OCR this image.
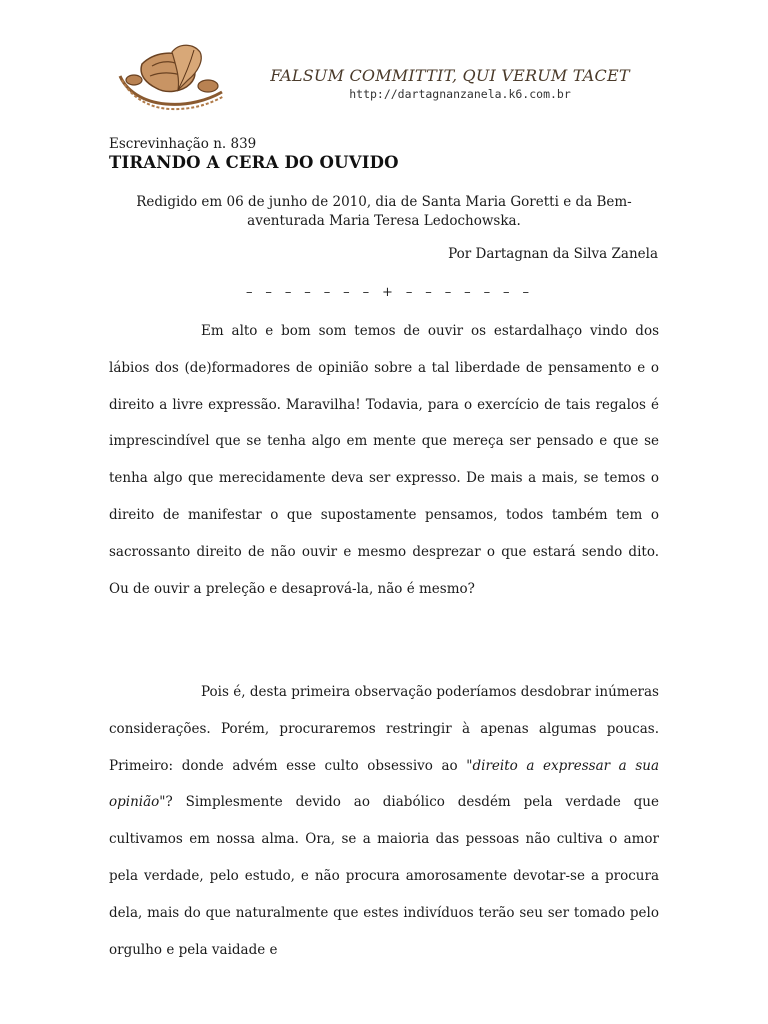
FALSUM COMMITTIT, QUI VERUM TACET
http://dartagnanzanela.k6.com.br
Escrevinhação n. 839
TIRANDO A CERA DO OUVIDO
Redigido em 06 de junho de 2010, dia de Santa Maria Goretti e da Bem-aventurada Maria Teresa Ledochowska.
Por Dartagnan da Silva Zanela
– – – – – – – + – – – – – – –
Em alto e bom som temos de ouvir os estardalhaço vindo dos lábios dos (de)formadores de opinião sobre a tal liberdade de pensamento e o direito a livre expressão. Maravilha! Todavia, para o exercício de tais regalos é imprescindível que se tenha algo em mente que mereça ser pensado e que se tenha algo que merecidamente deva ser expresso. De mais a mais, se temos o direito de manifestar o que supostamente pensamos, todos também tem o sacrossanto direito de não ouvir e mesmo desprezar o que estará sendo dito. Ou de ouvir a preleção e desaprová-la, não é mesmo?
Pois é, desta primeira observação poderíamos desdobrar inúmeras considerações. Porém, procuraremos restringir à apenas algumas poucas. Primeiro: donde advém esse culto obsessivo ao "direito a expressar a sua opinião"? Simplesmente devido ao diabólico desdém pela verdade que cultivamos em nossa alma. Ora, se a maioria das pessoas não cultiva o amor pela verdade, pelo estudo, e não procura amorosamente devotar-se a procura dela, mais do que naturalmente que estes indivíduos terão seu ser tomado pelo orgulho e pela vaidade e
